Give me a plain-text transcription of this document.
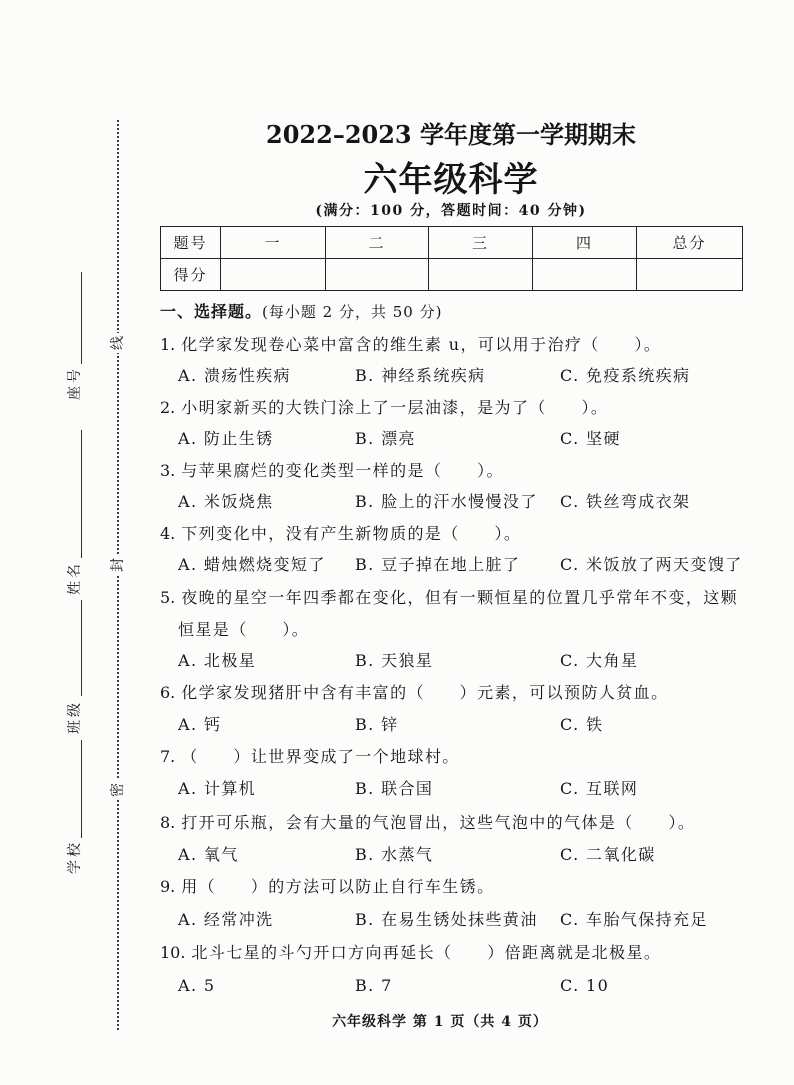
线
封
密
座号
姓名
班级
学校
2022–2023 学年度第一学期期末
六年级科学
(满分：100 分，答题时间：40 分钟)
题号	一	二	三	四	总分
得分					
一、选择题。 (每小题 2 分，共 50 分)
1. 化学家发现卷心菜中富含的维生素 u，可以用于治疗（　　）。
A. 溃疡性疾病	B. 神经系统疾病	C. 免疫系统疾病
2. 小明家新买的大铁门涂上了一层油漆，是为了（　　）。
A. 防止生锈	B. 漂亮	C. 坚硬
3. 与苹果腐烂的变化类型一样的是（　　）。
A. 米饭烧焦	B. 脸上的汗水慢慢没了 C. 铁丝弯成衣架
4. 下列变化中，没有产生新物质的是（　　）。
A. 蜡烛燃烧变短了 B. 豆子掉在地上脏了 C. 米饭放了两天变馊了
5. 夜晚的星空一年四季都在变化，但有一颗恒星的位置几乎常年不变，这颗
恒星是（　　）。
A. 北极星	B. 天狼星	C. 大角星
6. 化学家发现猪肝中含有丰富的（　　）元素，可以预防人贫血。
A. 钙	B. 锌	C. 铁
7. （　　）让世界变成了一个地球村。
A. 计算机	B. 联合国	C. 互联网
8. 打开可乐瓶，会有大量的气泡冒出，这些气泡中的气体是（　　）。
A. 氧气	B. 水蒸气	C. 二氧化碳
9. 用（　　）的方法可以防止自行车生锈。
A. 经常冲洗	B. 在易生锈处抹些黄油 C. 车胎气保持充足
10. 北斗七星的斗勺开口方向再延长（　　）倍距离就是北极星。
A. 5	B. 7	C. 10
六年级科学 第 1 页（共 4 页）
